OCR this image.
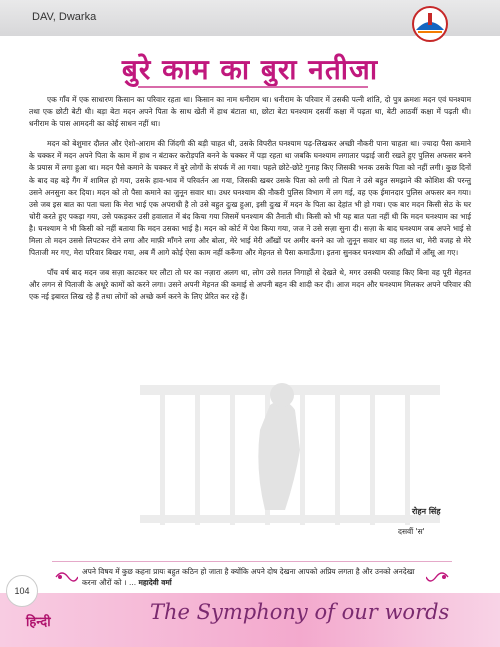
DAV, Dwarka
बुरे काम का बुरा नतीजा

एक गाँव में एक साधारण किसान का परिवार रहता था। किसान का नाम धनीराम था। धनीराम के परिवार में उसकी पत्नी शांति, दो पुत्र क्रमशः मदन एवं घनश्याम तथा एक छोटी बेटी थी। बड़ा बेटा मदन अपने पिता के साथ खेती में हाथ बंटाता था, छोटा बेटा घनश्याम दसवीं कक्षा में पढ़ता था, बेटी आठवीं कक्षा में पढ़ती थी। धनीराम के पास आमदनी का कोई साधन नहीं था।

मदन को बेशुमार दौलत और ऐशो-आराम की जिंदगी की बड़ी चाहत थी, उसके विपरीत घनश्याम पढ़-लिखकर अच्छी नौकरी पाना चाहता था। ज्यादा पैसा कमाने के चक्कर में मदन अपने पिता के काम में हाथ न बंटाकर करोड़पति बनने के चक्कर में पड़ा रहता था जबकि घनश्याम लगातार पढ़ाई जारी रखते हुए पुलिस अफसर बनने के प्रयास में लगा हुआ था। मदन पैसे कमाने के चक्कर में बुरे लोगों के संपर्क में आ गया। पहले छोटे-छोटे गुनाह किए जिसकी भनक उसके पिता को नहीं लगी। कुछ दिनों के बाद वह बड़े गैंग में शामिल हो गया, उसके हाव-भाव में परिवर्तन आ गया, जिसकी खबर उसके पिता को लगी तो पिता ने उसे बहुत समझाने की कोशिश की परन्तु उसने अनसुना कर दिया। मदन को तो पैसा कमाने का जुनून सवार था। उधर घनश्याम की नौकरी पुलिस विभाग में लग गई, वह एक ईमानदार पुलिस अफसर बन गया। उसे जब इस बात का पता चला कि मेरा भाई एक अपराधी है तो उसे बहुत दुःख हुआ, इसी दुःख में मदन के पिता का देहांत भी हो गया। एक बार मदन किसी सेठ के घर चोरी करते हुए पकड़ा गया, उसे पकड़कर उसी हवालात में बंद किया गया जिसमें घनश्याम की तैनाती थी। किसी को भी यह बात पता नहीं थी कि मदन घनश्याम का भाई है। घनश्याम ने भी किसी को नहीं बताया कि मदन उसका भाई है। मदन को कोर्ट में पेश किया गया, जज ने उसे सज़ा सुना दी। सज़ा के बाद घनश्याम जब अपने भाई से मिला तो मदन उससे लिपटकर रोने लगा और माफ़ी माँगने लगा और बोला, मेरे भाई मेरी आँखों पर अमीर बनने का जो जुनून सवार था वह ग़लत था, मेरी वजह से मेरे पिताजी मर गए, मेरा परिवार बिखर गया, अब मैं आगे कोई ऐसा काम नहीं करूँगा और मेहनत से पैसा कमाऊँगा। इतना सुनकर घनश्याम की आँखों में आँसू आ गए।

पाँच वर्ष बाद मदन जब सज़ा काटकर घर लौटा तो घर का नज़ारा अलग था, लोग उसे ग़लत निगाहों से देखते थे, मगर उसकी परवाह किए बिना वह पूरी मेहनत और लगन से पिताजी के अधूरे कामों को करने लगा। उसने अपनी मेहनत की कमाई से अपनी बहन की शादी कर दी। आज मदन और घनश्याम मिलकर अपने परिवार की एक नई इबारत लिख रहे हैं तथा लोगों को अच्छे कर्म करने के लिए प्रेरित कर रहे हैं।

रोहन सिंह
दसवीं 'स'
अपने विषय में कुछ कहना प्रायः बहुत कठिन हो जाता है क्योंकि अपने दोष देखना आपको अप्रिय लगता है और उनको अनदेखा करना औरों को । ... महादेवी वर्मा
104
हिन्दी	The Symphony of our words
